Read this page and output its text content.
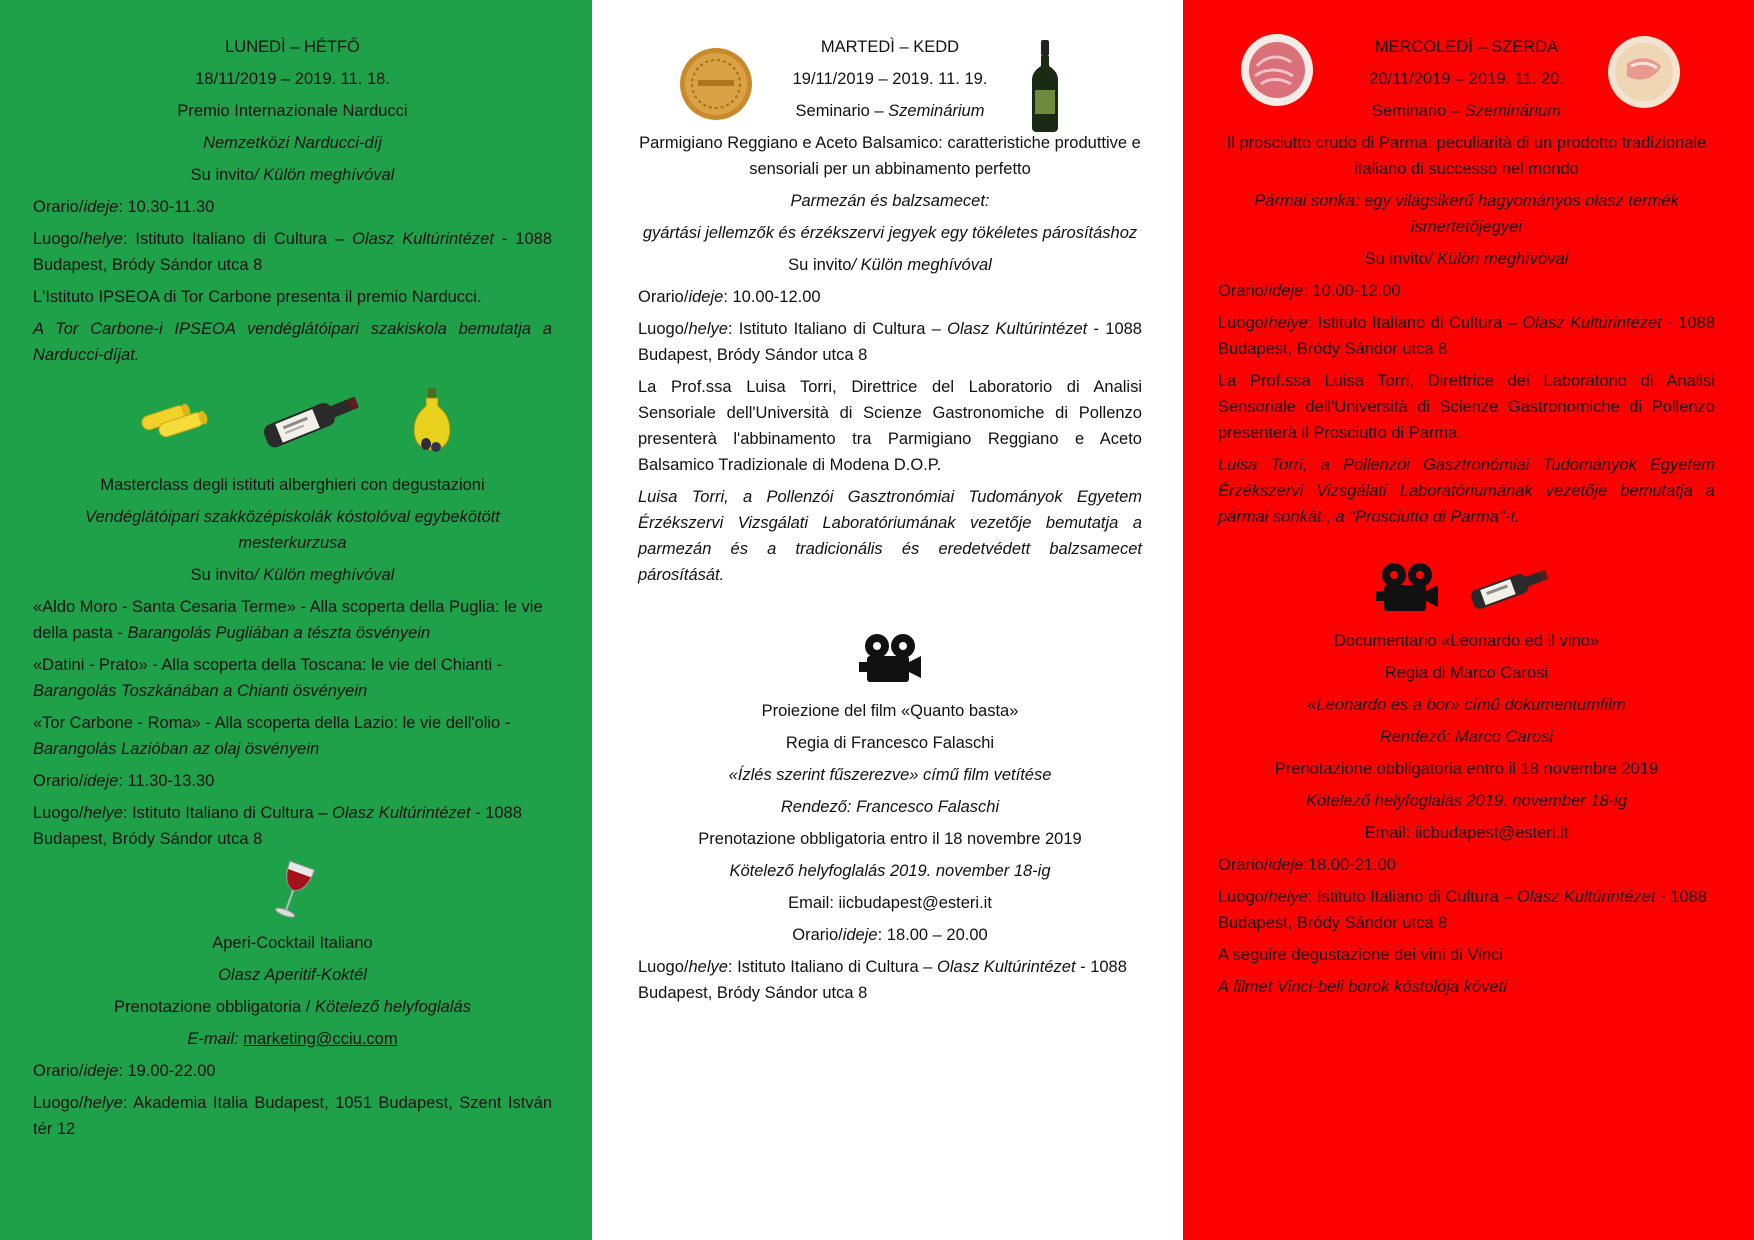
LUNEDÌ – HÉTFŐ
18/11/2019 – 2019. 11. 18.
Premio Internazionale Narducci
Nemzetközi Narducci-díj
Su invito/ Külön meghívóval
Orario/ideje: 10.30-11.30
Luogo/helye: Istituto Italiano di Cultura – Olasz Kultúrintézet - 1088 Budapest, Bródy Sándor utca 8
L'Istituto IPSEOA di Tor Carbone presenta il premio Narducci.
A Tor Carbone-i IPSEOA vendéglátóipari szakiskola bemutatja a Narducci-díjat.
Masterclass degli istituti alberghieri con degustazioni
Vendéglátóipari szakközépiskolák kóstolóval egybekötött mesterkurzusa
Su invito/ Külön meghívóval
«Aldo Moro - Santa Cesaria Terme» - Alla scoperta della Puglia: le vie della pasta - Barangolás Pugliában a tészta ösvényein
«Datini - Prato» - Alla scoperta della Toscana: le vie del Chianti - Barangolás Toszkánában a Chianti ösvényein
«Tor Carbone - Roma» - Alla scoperta della Lazio: le vie dell'olio - Barangolás Lazióban az olaj ösvényein
Orario/ideje: 11.30-13.30
Luogo/helye: Istituto Italiano di Cultura – Olasz Kultúrintézet - 1088 Budapest, Bródy Sándor utca 8
Aperi-Cocktail Italiano
Olasz Aperitif-Koktél
Prenotazione obbligatoria / Kötelező helyfoglalás
E-mail: marketing@cciu.com
Orario/ideje: 19.00-22.00
Luogo/helye: Akademia Italia Budapest, 1051 Budapest, Szent István tér 12
MARTEDÌ – KEDD
19/11/2019 – 2019. 11. 19.
Seminario – Szeminárium
Parmigiano Reggiano e Aceto Balsamico: caratteristiche produttive e sensoriali per un abbinamento perfetto
Parmezán és balzsamecet:
gyártási jellemzők és érzékszervi jegyek egy tökéletes párosításhoz
Su invito/ Külön meghívóval
Orario/ideje: 10.00-12.00
Luogo/helye: Istituto Italiano di Cultura – Olasz Kultúrintézet - 1088 Budapest, Bródy Sándor utca 8
La Prof.ssa Luisa Torri, Direttrice del Laboratorio di Analisi Sensoriale dell'Università di Scienze Gastronomiche di Pollenzo presenterà l'abbinamento tra Parmigiano Reggiano e Aceto Balsamico Tradizionale di Modena D.O.P.
Luisa Torri, a Pollenzói Gasztronómiai Tudományok Egyetem Érzékszervi Vizsgálati Laboratóriumának vezetője bemutatja a parmezán és a tradicionális és eredetvédett balzsamecet párosítását.
Proiezione del film «Quanto basta»
Regia di Francesco Falaschi
«Ízlés szerint fűszerezve» című film vetítése
Rendező: Francesco Falaschi
Prenotazione obbligatoria entro il 18 novembre 2019
Kötelező helyfoglalás 2019. november 18-ig
Email: iicbudapest@esteri.it
Orario/ideje: 18.00 – 20.00
Luogo/helye: Istituto Italiano di Cultura – Olasz Kultúrintézet - 1088 Budapest, Bródy Sándor utca 8
MERCOLEDÌ – SZERDA
20/11/2019 – 2019. 11. 20.
Seminario – Szeminárium
Il prosciutto crudo di Parma: peculiarità di un prodotto tradizionale italiano di successo nel mondo
Pármai sonka: egy világsikerű hagyományos olasz termék ismertetőjegyei
Su invito/ Külön meghívóval
Orario/ideje: 10.00-12.00
Luogo/helye: Istituto Italiano di Cultura – Olasz Kultúrintézet - 1088 Budapest, Bródy Sándor utca 8
La Prof.ssa Luisa Torri, Direttrice del Laboratorio di Analisi Sensoriale dell'Università di Scienze Gastronomiche di Pollenzo presenterà il Prosciutto di Parma.
Luisa Torri, a Pollenzói Gasztronómiai Tudományok Egyetem Érzékszervi Vizsgálati Laboratóriumának vezetője bemutatja a pármai sonkát., a "Prosciutto di Parma"-t.
Documentario «Leonardo ed il vino»
Regia di Marco Carosi
«Leonardo és a bor» című dokumentumfilm
Rendező: Marco Carosi
Prenotazione obbligatoria entro il 18 novembre 2019
Kötelező helyfoglalás 2019. november 18-ig
Email: iicbudapest@esteri.it
Orario/ideje:18.00-21.00
Luogo/helye: Istituto Italiano di Cultura – Olasz Kultúrintézet - 1088 Budapest, Bródy Sándor utca 8
A seguire degustazione dei vini di Vinci
A filmet Vinci-beli borok kóstolója követi
